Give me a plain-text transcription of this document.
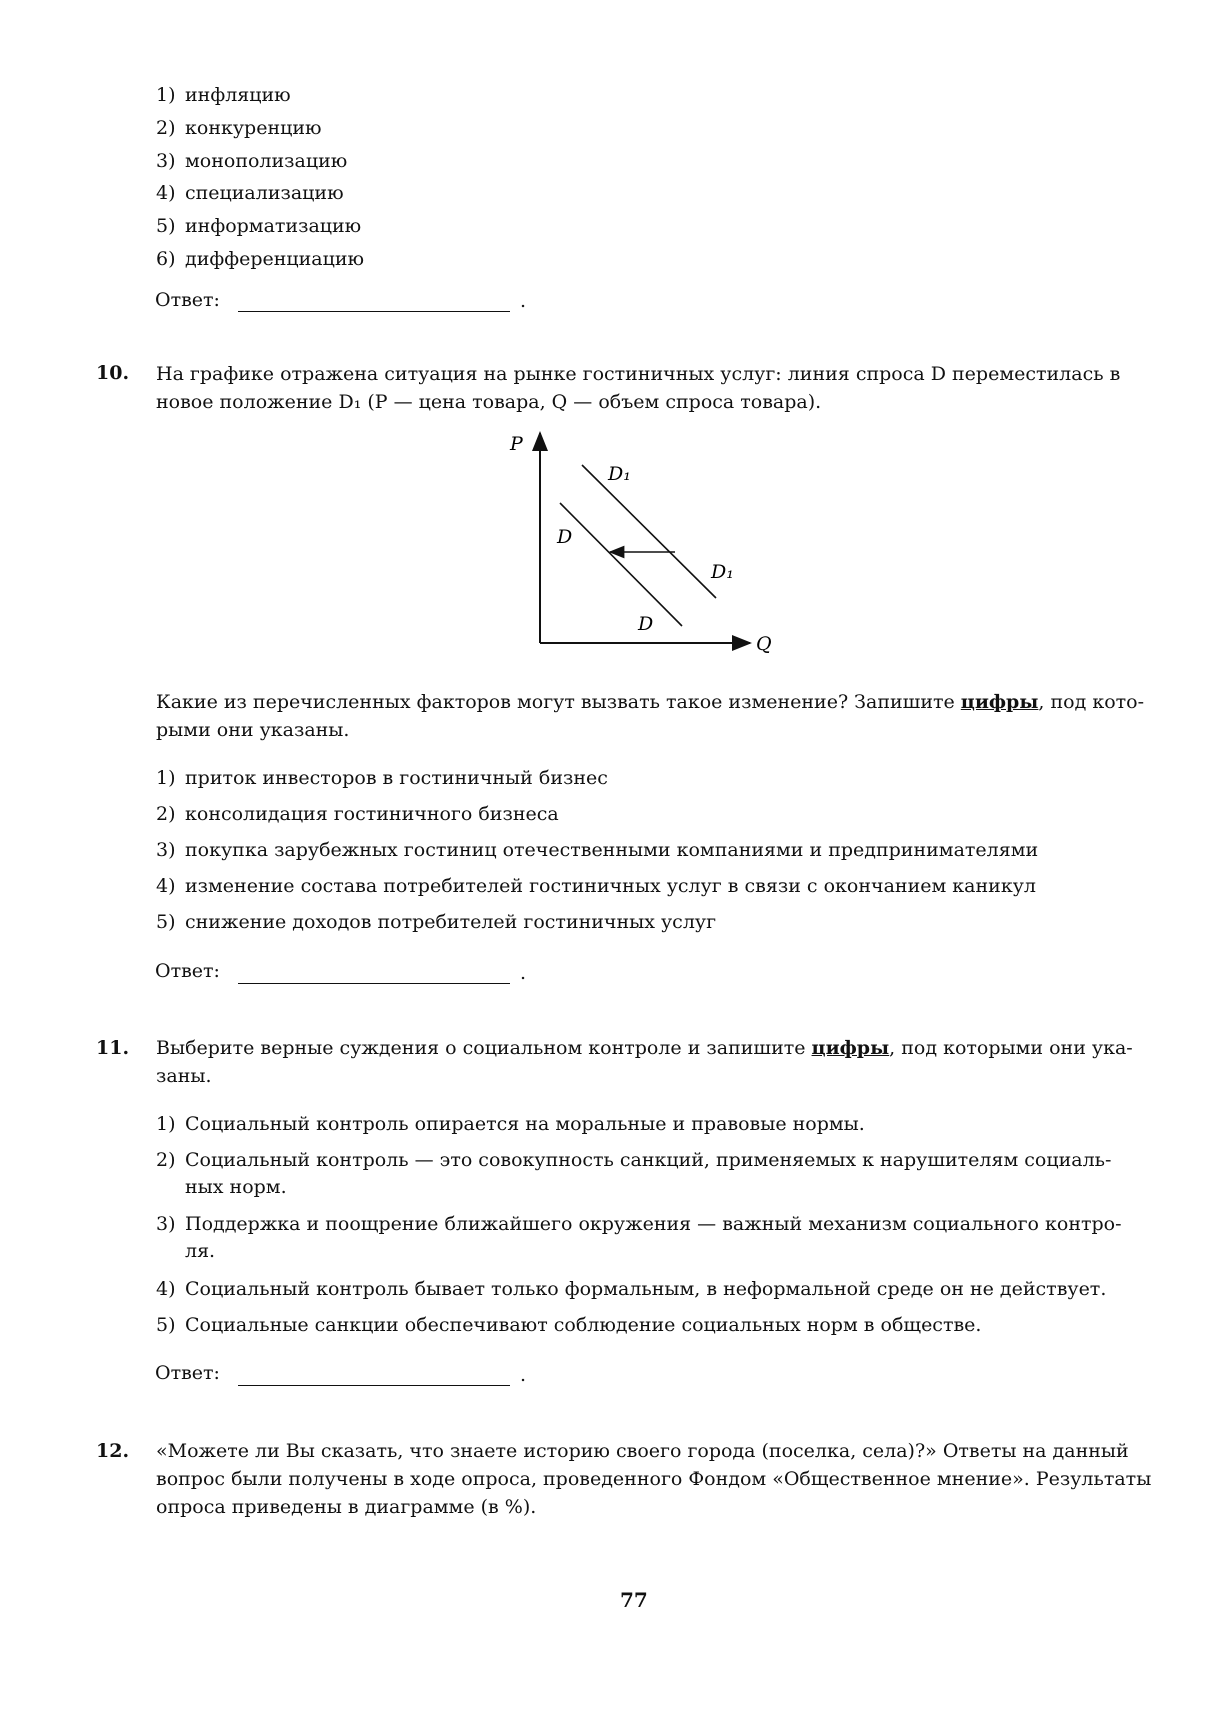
1) инфляцию
2) конкуренцию
3) монополизацию
4) специализацию
5) информатизацию
6) дифференциацию
Ответ:	.
10. На графике отражена ситуация на рынке гостиничных услуг: линия спроса D переместилась в
новое положение D₁ (P — цена товара, Q — объем спроса товара).
P
Q
D₁
D₁
D
D
Какие из перечисленных факторов могут вызвать такое изменение? Запишите цифры, под кото-
рыми они указаны.
1) приток инвесторов в гостиничный бизнес
2) консолидация гостиничного бизнеса
3) покупка зарубежных гостиниц отечественными компаниями и предпринимателями
4) изменение состава потребителей гостиничных услуг в связи с окончанием каникул
5) снижение доходов потребителей гостиничных услуг
Ответ:	.
11. Выберите верные суждения о социальном контроле и запишите цифры, под которыми они ука-
заны.
1) Социальный контроль опирается на моральные и правовые нормы.
2) Социальный контроль — это совокупность санкций, применяемых к нарушителям социаль-
ных норм.
3) Поддержка и поощрение ближайшего окружения — важный механизм социального контро-
ля.
4) Социальный контроль бывает только формальным, в неформальной среде он не действует.
5) Социальные санкции обеспечивают соблюдение социальных норм в обществе.
Ответ:	.
12. «Можете ли Вы сказать, что знаете историю своего города (поселка, села)?» Ответы на данный
вопрос были получены в ходе опроса, проведенного Фондом «Общественное мнение». Результаты
опроса приведены в диаграмме (в %).
77
